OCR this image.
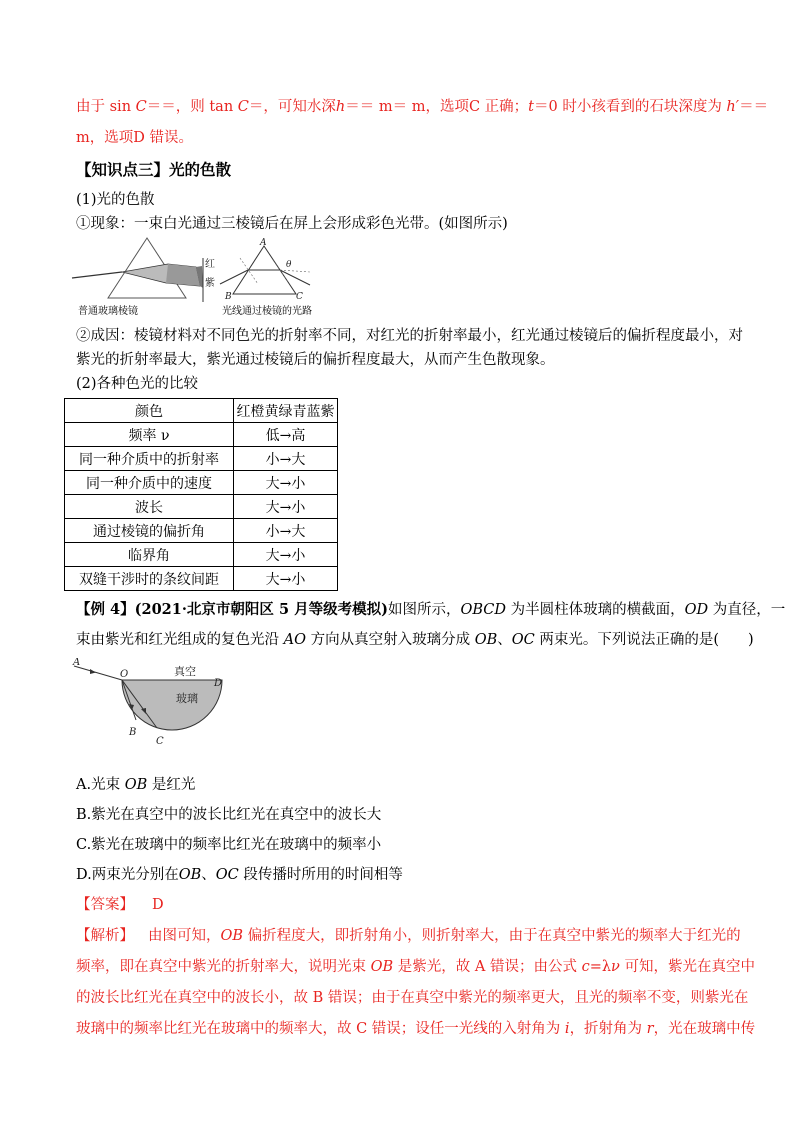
由于 sin C＝＝，则 tan C＝，可知水深h＝＝ m＝ m，选项C 正确；t＝0 时小孩看到的石块深度为 h′＝＝
m，选项D 错误。
【知识点三】光的色散
(1)光的色散
①现象：一束白光通过三棱镜后在屏上会形成彩色光带。(如图所示)
红
紫
A
B	C
θ
普通玻璃棱镜	光线通过棱镜的光路
②成因：棱镜材料对不同色光的折射率不同，对红光的折射率最小，红光通过棱镜后的偏折程度最小，对
紫光的折射率最大，紫光通过棱镜后的偏折程度最大，从而产生色散现象。
(2)各种色光的比较
颜色	红橙黄绿青蓝紫
频率 ν	低→高
同一种介质中的折射率	小→大
同一种介质中的速度	大→小
波长	大→小
通过棱镜的偏折角	小→大
临界角	大→小
双缝干涉时的条纹间距	大→小
【例 4】(2021·北京市朝阳区 5 月等级考模拟)如图所示，OBCD 为半圆柱体玻璃的横截面，OD 为直径，一
束由紫光和红光组成的复色光沿 AO 方向从真空射入玻璃分成 OB、OC 两束光。下列说法正确的是(　　)
A
O
D
B
C
真空
玻璃
A.光束 OB 是红光
B.紫光在真空中的波长比红光在真空中的波长大
C.紫光在玻璃中的频率比红光在玻璃中的频率小
D.两束光分别在OB、OC 段传播时所用的时间相等
【答案】 D
【解析】 由图可知，OB 偏折程度大，即折射角小，则折射率大，由于在真空中紫光的频率大于红光的
频率，即在真空中紫光的折射率大，说明光束 OB 是紫光，故 A 错误；由公式 c=λν 可知，紫光在真空中
的波长比红光在真空中的波长小，故 B 错误；由于在真空中紫光的频率更大，且光的频率不变，则紫光在
玻璃中的频率比红光在玻璃中的频率大，故 C 错误；设任一光线的入射角为 i，折射角为 r，光在玻璃中传
